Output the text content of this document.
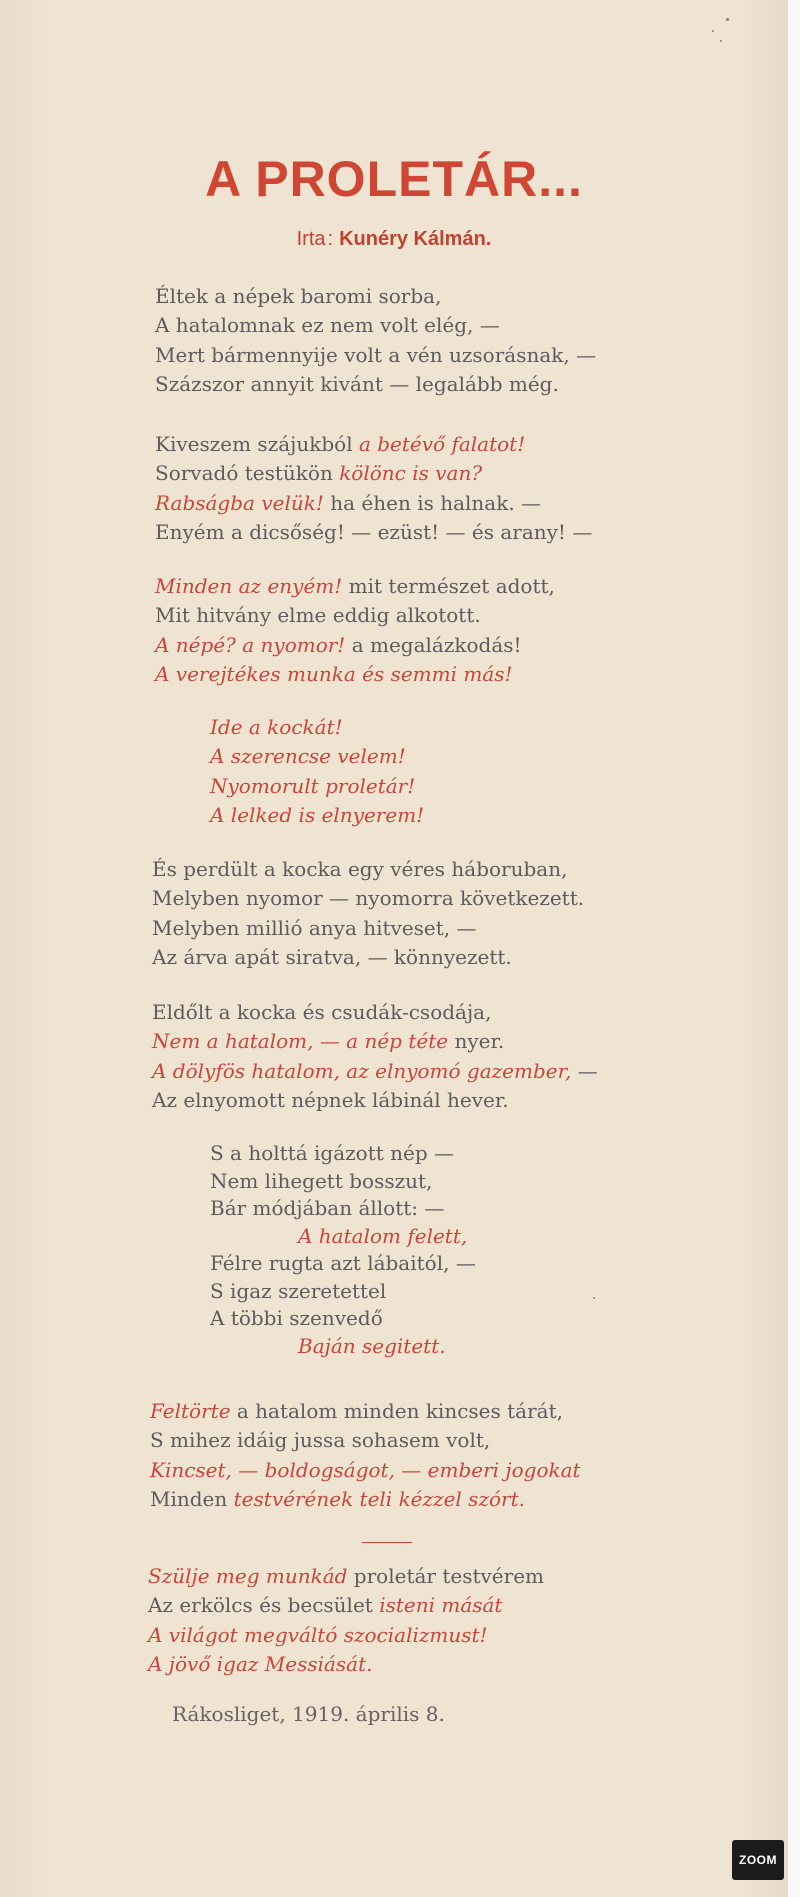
A PROLETÁR...
Irta : Kunéry Kálmán.
Éltek a népek baromi sorba,
A hatalomnak ez nem volt elég, —
Mert bármennyije volt a vén uzsorásnak, —
Százszor annyit kivánt — legalább még.
Kiveszem szájukból a betévő falatot!
Sorvadó testükön kölönc is van?
Rabságba velük! ha éhen is halnak. —
Enyém a dicsőség! — ezüst! — és arany! —
Minden az enyém! mit természet adott,
Mit hitvány elme eddig alkotott.
A népé? a nyomor! a megalázkodás!
A verejtékes munka és semmi más!
Ide a kockát!
A szerencse velem!
Nyomorult proletár!
A lelked is elnyerem!
És perdült a kocka egy véres háboruban,
Melyben nyomor — nyomorra következett.
Melyben millió anya hitveset, —
Az árva apát siratva, — könnyezett.
Eldőlt a kocka és csudák-csodája,
Nem a hatalom, — a nép téte nyer.
A dölyfös hatalom, az elnyomó gazember, —
Az elnyomott népnek lábinál hever.
S a holttá igázott nép —
Nem lihegett bosszut,
Bár módjában állott: —
A hatalom felett,
Félre rugta azt lábaitól, —
S igaz szeretettel
A többi szenvedő
Baján segitett.
Feltörte a hatalom minden kincses tárát,
S mihez idáig jussa sohasem volt,
Kincset, — boldogságot, — emberi jogokat
Minden testvérének teli kézzel szórt.
Szülje meg munkád proletár testvérem
Az erkölcs és becsület isteni mását
A világot megváltó szocializmust!
A jövő igaz Messiását.
Rákosliget, 1919. április 8.
ZOOM
